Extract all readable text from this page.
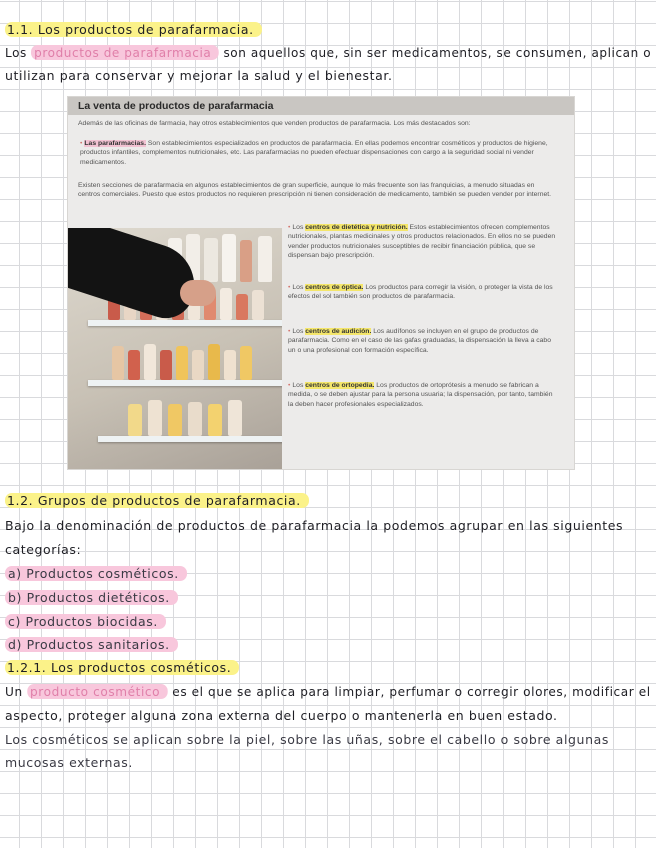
1.1. Los productos de parafarmacia.
Los productos de parafarmacia son aquellos que, sin ser medicamentos, se consumen, aplican o
utilizan para conservar y mejorar la salud y el bienestar.
La venta de productos de parafarmacia
Además de las oficinas de farmacia, hay otros establecimientos que venden productos de parafarmacia. Los más destacados son:
• Las parafarmacias. Son establecimientos especializados en productos de parafarmacia. En ellas podemos encontrar cosméticos y productos de higiene, productos infantiles, complementos nutricionales, etc. Las parafarmacias no pueden efectuar dispensaciones con cargo a la seguridad social ni vender medicamentos.
Existen secciones de parafarmacia en algunos establecimientos de gran superficie, aunque lo más frecuente son las franquicias, a menudo situadas en centros comerciales. Puesto que estos productos no requieren prescripción ni tienen consideración de medicamento, también se pueden vender por internet.
• Los centros de dietética y nutrición. Estos establecimientos ofrecen complementos nutricionales, plantas medicinales y otros productos relacionados. En ellos no se pueden vender productos nutricionales susceptibles de recibir financiación pública, que se dispensan bajo prescripción.
• Los centros de óptica. Los productos para corregir la visión, o proteger la vista de los efectos del sol también son productos de parafarmacia.
• Los centros de audición. Los audífonos se incluyen en el grupo de productos de parafarmacia. Como en el caso de las gafas graduadas, la dispensación la lleva a cabo un o una profesional con formación específica.
• Los centros de ortopedia. Los productos de ortoprótesis a menudo se fabrican a medida, o se deben ajustar para la persona usuaria; la dispensación, por tanto, también la deben hacer profesionales especializados.
1.2. Grupos de productos de parafarmacia.
Bajo la denominación de productos de parafarmacia la podemos agrupar en las siguientes
categorías:
a) Productos cosméticos.
b) Productos dietéticos.
c) Productos biocidas.
d) Productos sanitarios.
1.2.1. Los productos cosméticos.
Un producto cosmético es el que se aplica para limpiar, perfumar o corregir olores, modificar el
aspecto, proteger alguna zona externa del cuerpo o mantenerla en buen estado.
Los cosméticos se aplican sobre la piel, sobre las uñas, sobre el cabello o sobre algunas
mucosas externas.
